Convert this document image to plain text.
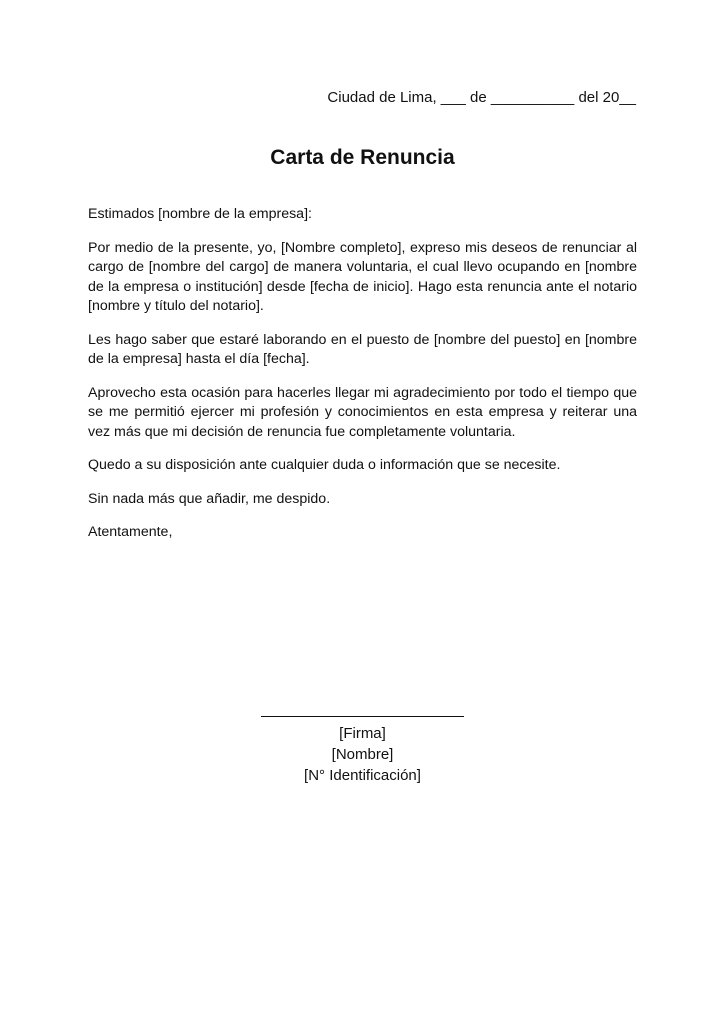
Ciudad de Lima, ___ de __________ del 20__
Carta de Renuncia

Estimados [nombre de la empresa]:

Por medio de la presente, yo, [Nombre completo], expreso mis deseos de renunciar al cargo de [nombre del cargo] de manera voluntaria, el cual llevo ocupando en [nombre de la empresa o institución] desde [fecha de inicio]. Hago esta renuncia ante el notario [nombre y título del notario].

Les hago saber que estaré laborando en el puesto de [nombre del puesto] en [nombre de la empresa] hasta el día [fecha].

Aprovecho esta ocasión para hacerles llegar mi agradecimiento por todo el tiempo que se me permitió ejercer mi profesión y conocimientos en esta empresa y reiterar una vez más que mi decisión de renuncia fue completamente voluntaria.

Quedo a su disposición ante cualquier duda o información que se necesite.

Sin nada más que añadir, me despido.

Atentamente,

[Firma]
[Nombre]
[N° Identificación]
